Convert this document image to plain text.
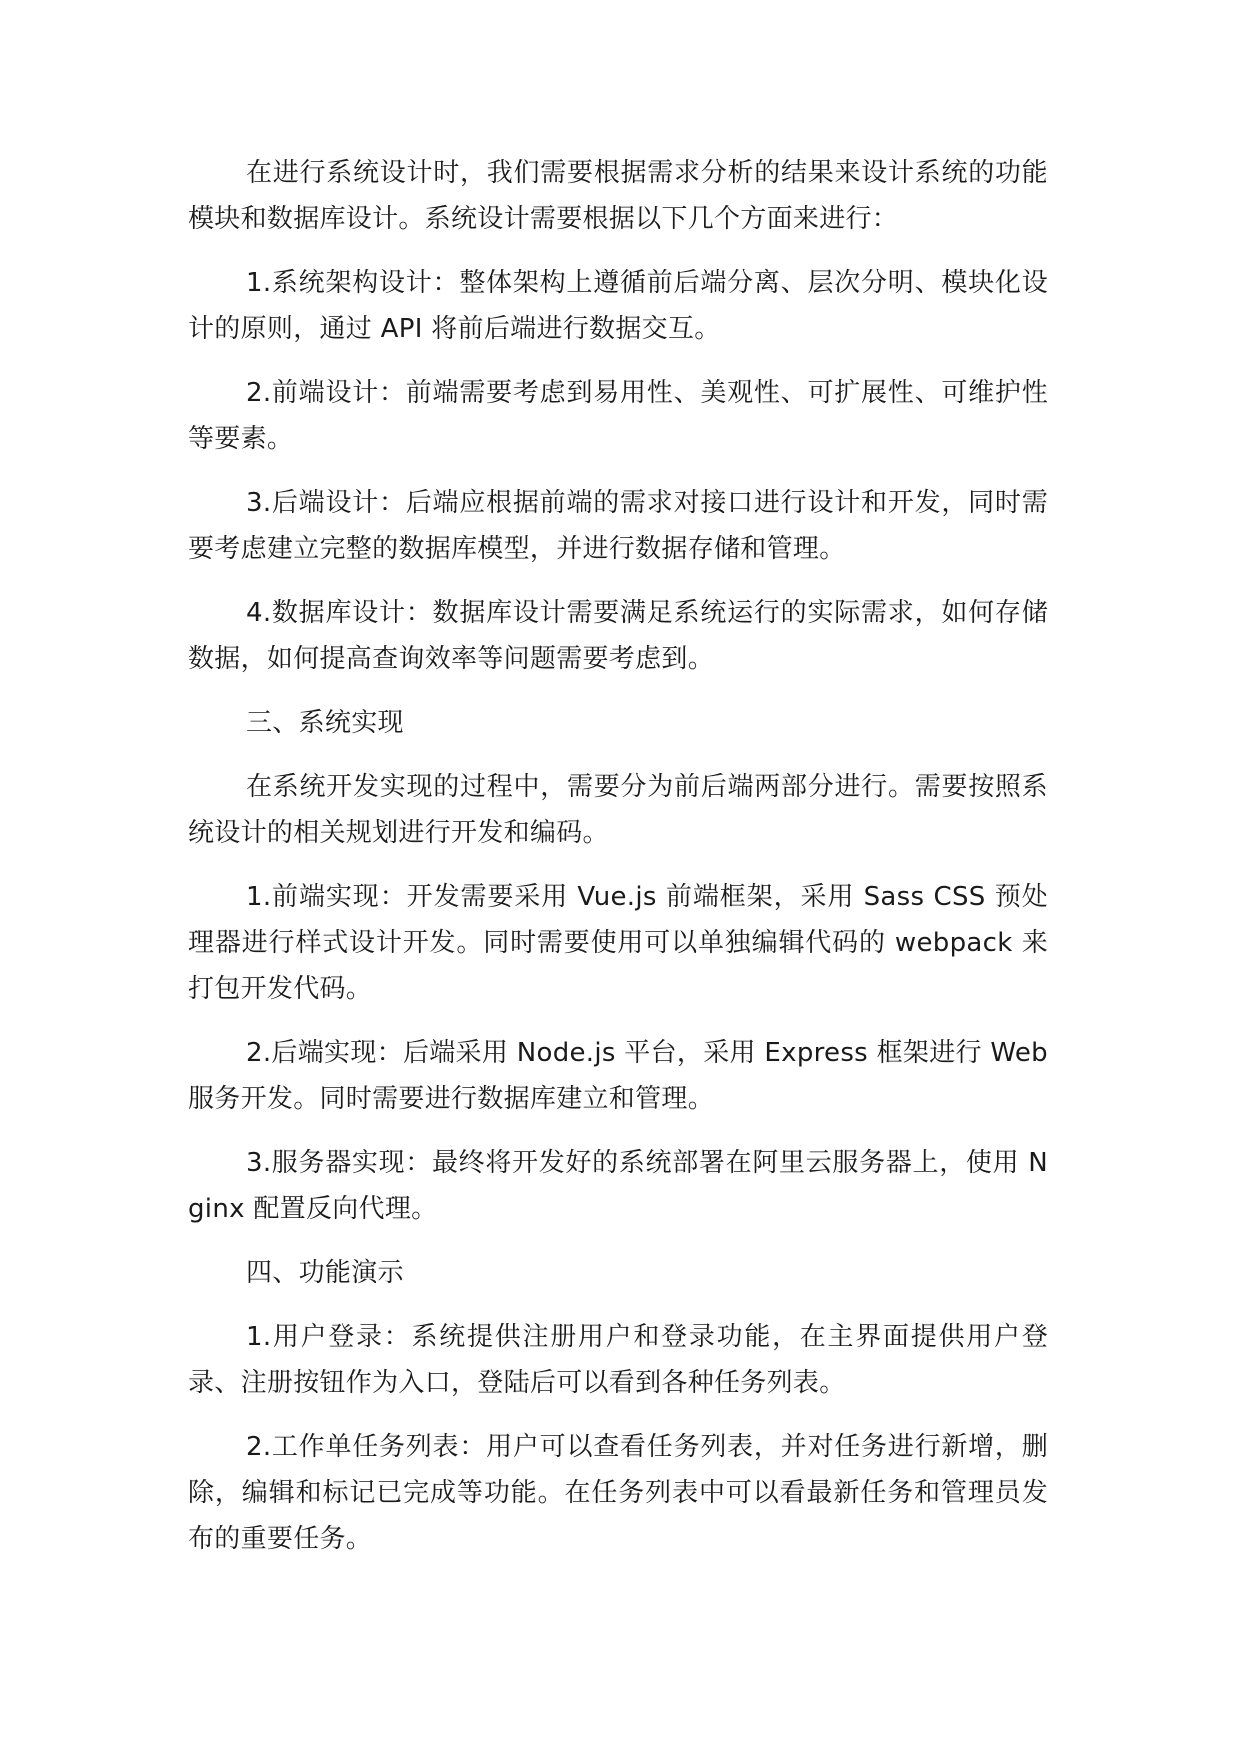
在进行系统设计时，我们需要根据需求分析的结果来设计系统的功能模块和数据库设计。系统设计需要根据以下几个方面来进行：

1.系统架构设计：整体架构上遵循前后端分离、层次分明、模块化设计的原则，通过 API 将前后端进行数据交互。

2.前端设计：前端需要考虑到易用性、美观性、可扩展性、可维护性等要素。

3.后端设计：后端应根据前端的需求对接口进行设计和开发，同时需要考虑建立完整的数据库模型，并进行数据存储和管理。

4.数据库设计：数据库设计需要满足系统运行的实际需求，如何存储数据，如何提高查询效率等问题需要考虑到。

三、系统实现

在系统开发实现的过程中，需要分为前后端两部分进行。需要按照系统设计的相关规划进行开发和编码。

1.前端实现：开发需要采用 Vue.js 前端框架，采用 Sass CSS 预处理器进行样式设计开发。同时需要使用可以单独编辑代码的 webpack 来打包开发代码。

2.后端实现：后端采用 Node.js 平台，采用 Express 框架进行 Web 服务开发。同时需要进行数据库建立和管理。

3.服务器实现：最终将开发好的系统部署在阿里云服务器上，使用 Nginx 配置反向代理。

四、功能演示

1.用户登录：系统提供注册用户和登录功能，在主界面提供用户登录、注册按钮作为入口，登陆后可以看到各种任务列表。

2.工作单任务列表：用户可以查看任务列表，并对任务进行新增，删除，编辑和标记已完成等功能。在任务列表中可以看最新任务和管理员发布的重要任务。
